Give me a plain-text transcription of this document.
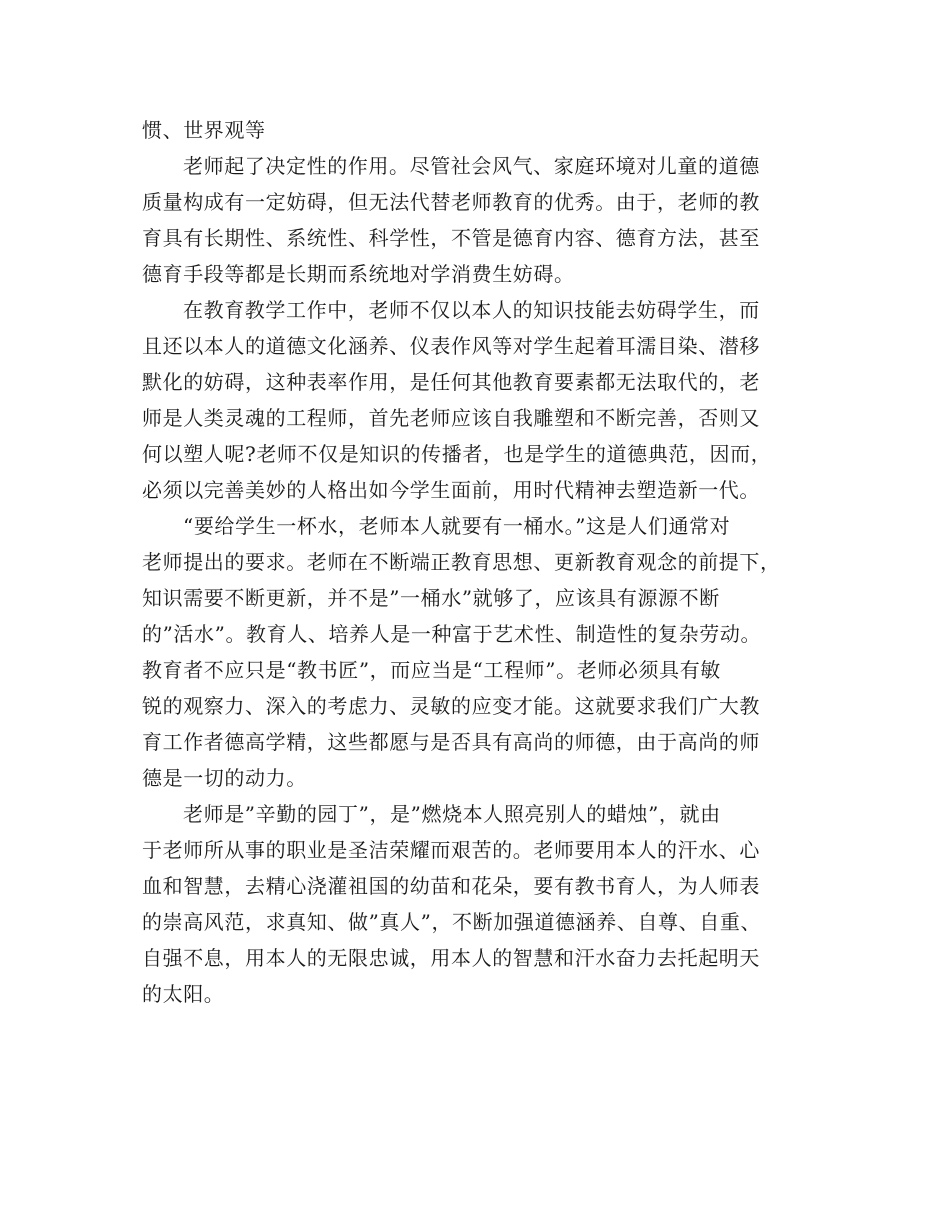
惯、世界观等
老师起了决定性的作用。尽管社会风气、家庭环境对儿童的道德
质量构成有一定妨碍，但无法代替老师教育的优秀。由于，老师的教
育具有长期性、系统性、科学性，不管是德育内容、德育方法，甚至
德育手段等都是长期而系统地对学消费生妨碍。
在教育教学工作中，老师不仅以本人的知识技能去妨碍学生，而
且还以本人的道德文化涵养、仪表作风等对学生起着耳濡目染、潜移
默化的妨碍，这种表率作用，是任何其他教育要素都无法取代的，老
师是人类灵魂的工程师，首先老师应该自我雕塑和不断完善，否则又
何以塑人呢?老师不仅是知识的传播者，也是学生的道德典范，因而，
必须以完善美妙的人格出如今学生面前，用时代精神去塑造新一代。
“要给学生一杯水，老师本人就要有一桶水。”这是人们通常对
老师提出的要求。老师在不断端正教育思想、更新教育观念的前提下，
知识需要不断更新，并不是”一桶水”就够了，应该具有源源不断
的”活水”。教育人、培养人是一种富于艺术性、制造性的复杂劳动。
教育者不应只是“教书匠”，而应当是“工程师”。老师必须具有敏
锐的观察力、深入的考虑力、灵敏的应变才能。这就要求我们广大教
育工作者德高学精，这些都愿与是否具有高尚的师德，由于高尚的师
德是一切的动力。
老师是”辛勤的园丁”，是”燃烧本人照亮别人的蜡烛”，就由
于老师所从事的职业是圣洁荣耀而艰苦的。老师要用本人的汗水、心
血和智慧，去精心浇灌祖国的幼苗和花朵，要有教书育人，为人师表
的崇高风范，求真知、做”真人”，不断加强道德涵养、自尊、自重、
自强不息，用本人的无限忠诚，用本人的智慧和汗水奋力去托起明天
的太阳。
